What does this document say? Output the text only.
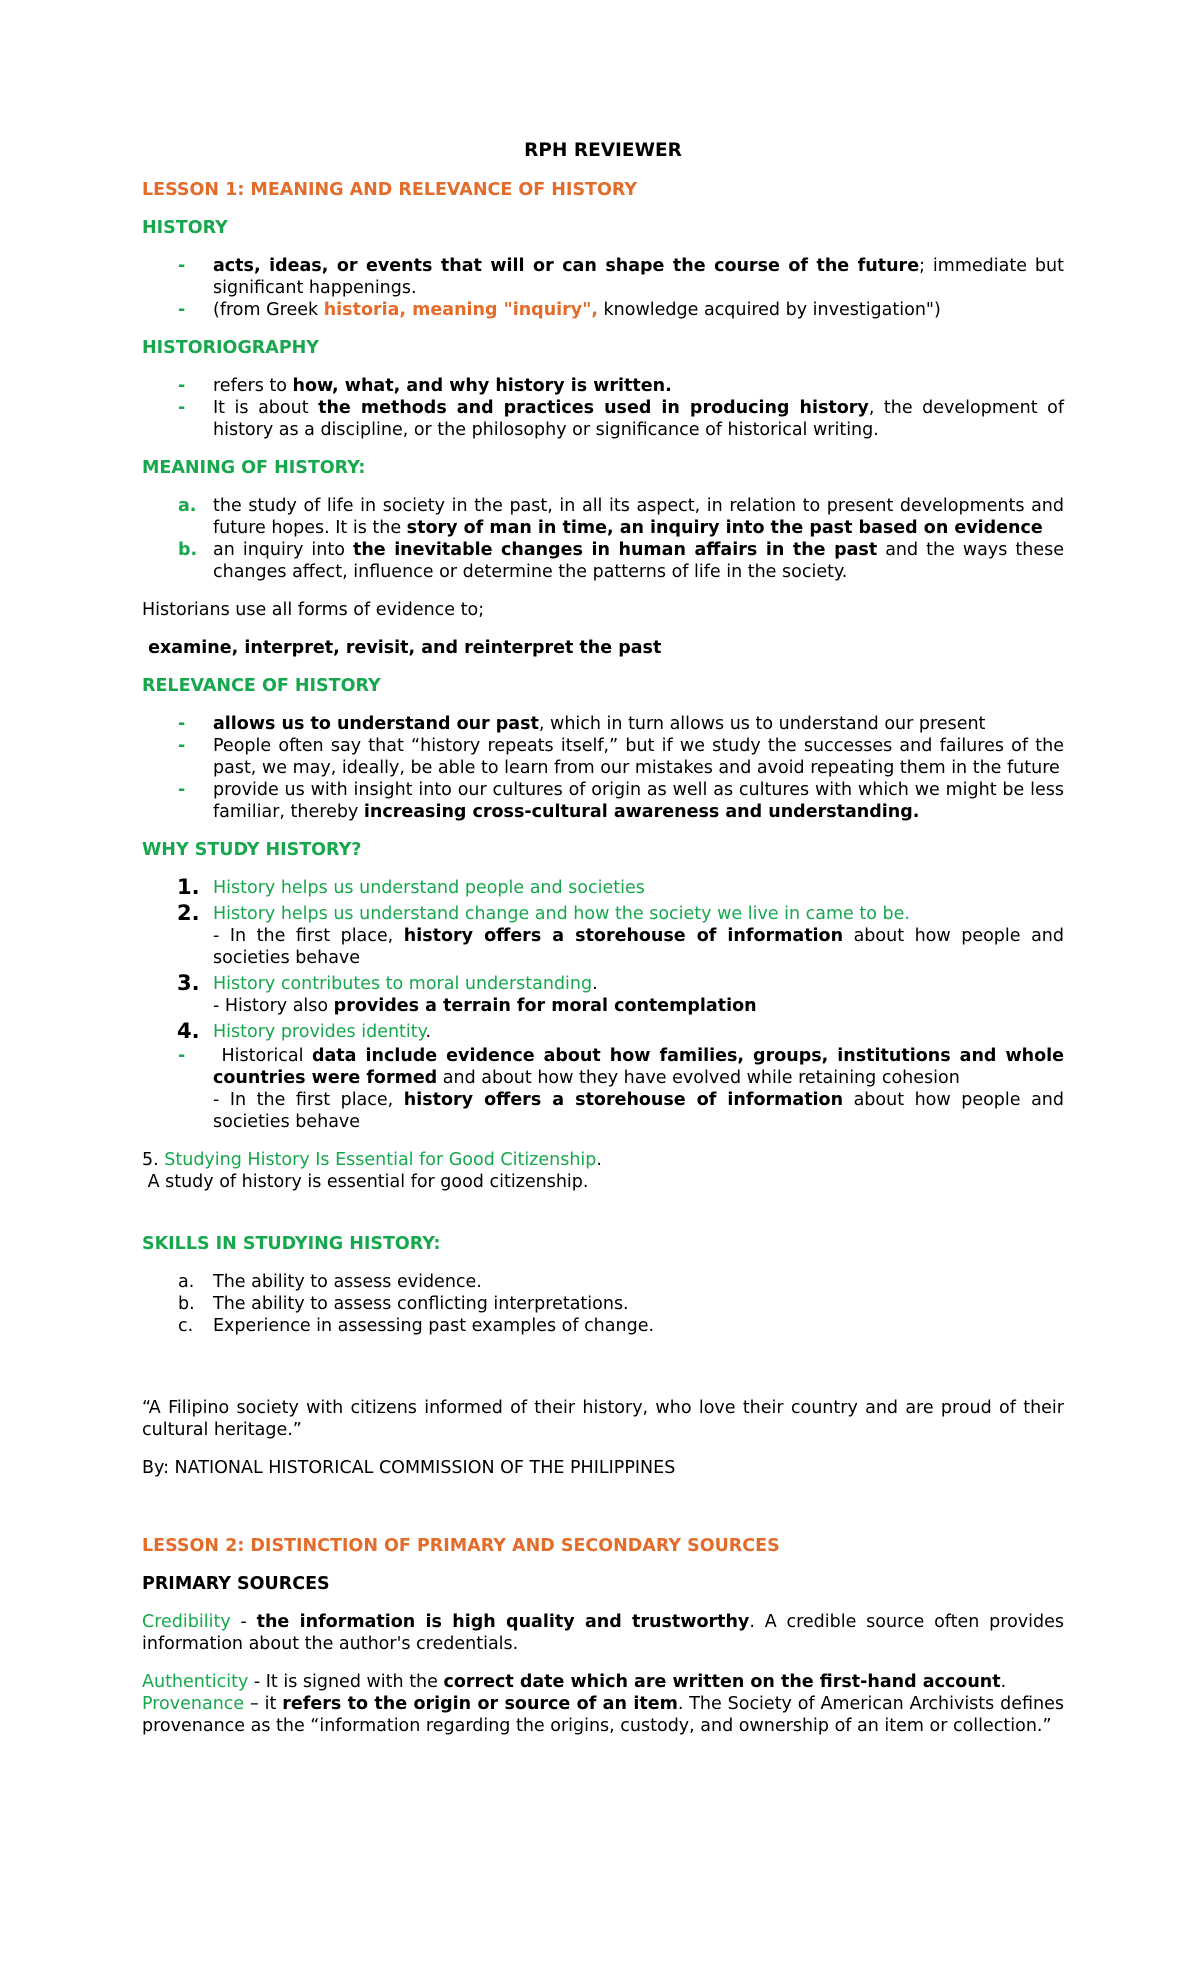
RPH REVIEWER
LESSON 1: MEANING AND RELEVANCE OF HISTORY
HISTORY
- acts, ideas, or events that will or can shape the course of the future; immediate but significant happenings.
- (from Greek historia, meaning "inquiry", knowledge acquired by investigation")
HISTORIOGRAPHY
- refers to how, what, and why history is written.
- It is about the methods and practices used in producing history, the development of history as a discipline, or the philosophy or significance of historical writing.
MEANING OF HISTORY:
a. the study of life in society in the past, in all its aspect, in relation to present developments and future hopes. It is the story of man in time, an inquiry into the past based on evidence
b. an inquiry into the inevitable changes in human affairs in the past and the ways these changes affect, influence or determine the patterns of life in the society.

Historians use all forms of evidence to;

examine, interpret, revisit, and reinterpret the past

RELEVANCE OF HISTORY
- allows us to understand our past, which in turn allows us to understand our present
- People often say that “history repeats itself,” but if we study the successes and failures of the past, we may, ideally, be able to learn from our mistakes and avoid repeating them in the future
- provide us with insight into our cultures of origin as well as cultures with which we might be less familiar, thereby increasing cross-cultural awareness and understanding.
WHY STUDY HISTORY?
1. History helps us understand people and societies
2. History helps us understand change and how the society we live in came to be.
- In the first place, history offers a storehouse of information about how people and societies behave
3. History contributes to moral understanding.
- History also provides a terrain for moral contemplation
4. History provides identity.
- Historical data include evidence about how families, groups, institutions and whole countries were formed and about how they have evolved while retaining cohesion
- In the first place, history offers a storehouse of information about how people and societies behave

5. Studying History Is Essential for Good Citizenship.

A study of history is essential for good citizenship.

SKILLS IN STUDYING HISTORY:
a. The ability to assess evidence.
b. The ability to assess conflicting interpretations.
c. Experience in assessing past examples of change.

“A Filipino society with citizens informed of their history, who love their country and are proud of their cultural heritage.”

By: NATIONAL HISTORICAL COMMISSION OF THE PHILIPPINES

LESSON 2: DISTINCTION OF PRIMARY AND SECONDARY SOURCES
PRIMARY SOURCES

Credibility - the information is high quality and trustworthy. A credible source often provides information about the author's credentials.

Authenticity - It is signed with the correct date which are written on the first-hand account.

Provenance – it refers to the origin or source of an item. The Society of American Archivists defines provenance as the “information regarding the origins, custody, and ownership of an item or collection.”
